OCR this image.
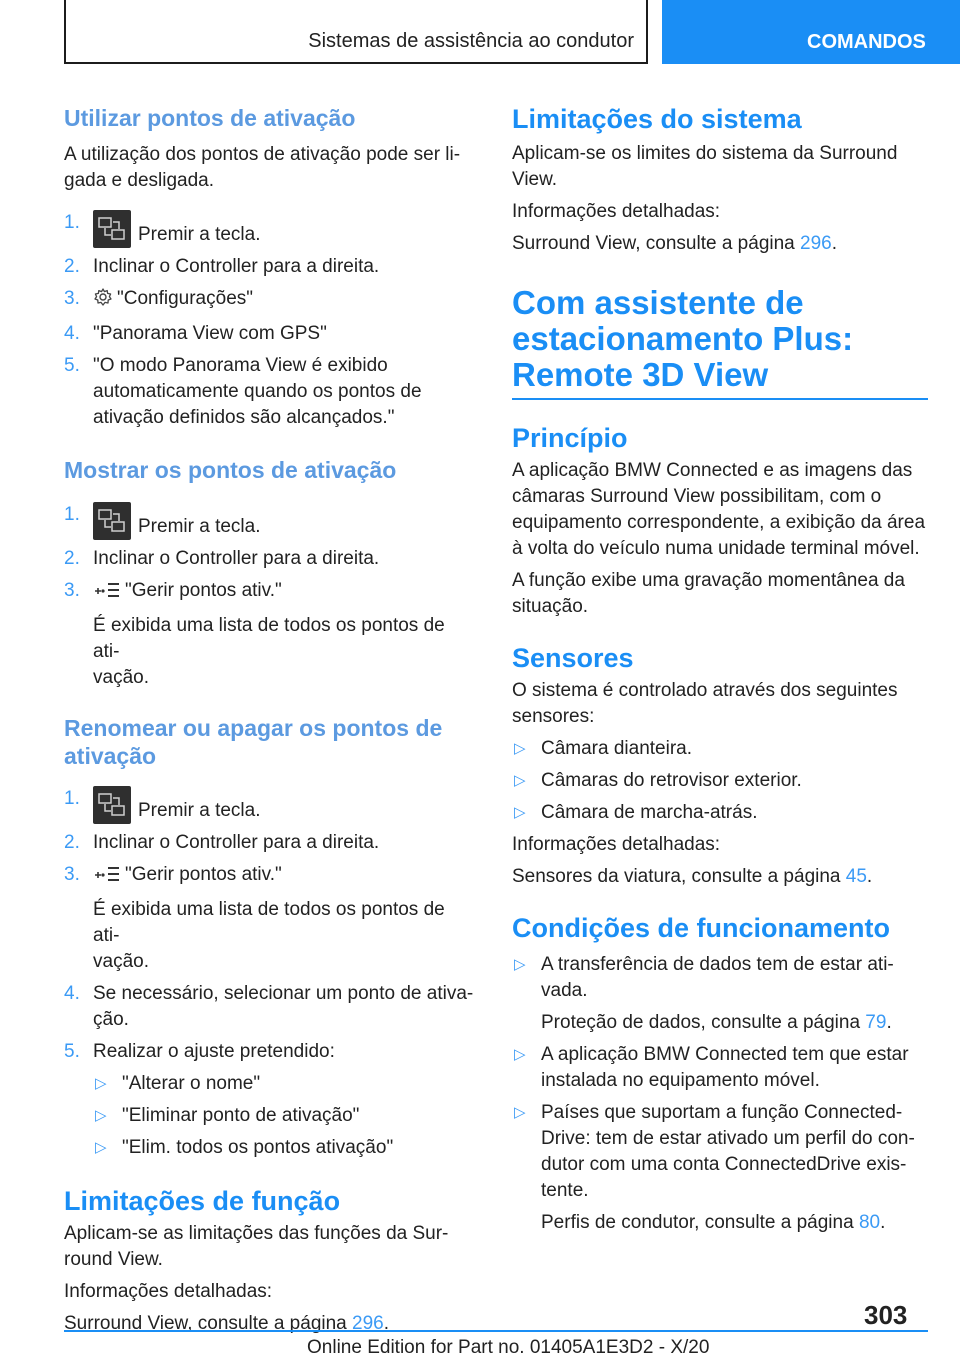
Sistemas de assistência ao condutor	COMANDOS
Utilizar pontos de ativação

A utilização dos pontos de ativação pode ser li-
gada e desligada.

1.
Premir a tecla.
2. Inclinar o Controller para a direita.
3. "Configurações"
4. "Panorama View com GPS"
5. "O modo Panorama View é exibido
automaticamente quando os pontos de
ativação definidos são alcançados."
Mostrar os pontos de ativação
1.
Premir a tecla.
2. Inclinar o Controller para a direita.
3. "Gerir pontos ativ."
É exibida uma lista de todos os pontos de ati-
vação.
Renomear ou apagar os pontos de
ativação
1.
Premir a tecla.
2. Inclinar o Controller para a direita.
3. "Gerir pontos ativ."
É exibida uma lista de todos os pontos de ati-
vação.
4. Se necessário, selecionar um ponto de ativa-
ção.
5. Realizar o ajuste pretendido:
▷ "Alterar o nome"
▷ "Eliminar ponto de ativação"
▷ "Elim. todos os pontos ativação"
Limitações de função

Aplicam-se as limitações das funções da Sur-
round View.

Informações detalhadas:

Surround View, consulte a página 296.

Limitações do sistema

Aplicam-se os limites do sistema da Surround
View.

Informações detalhadas:

Surround View, consulte a página 296.

Com assistente de
estacionamento Plus:
Remote 3D View
Princípio

A aplicação BMW Connected e as imagens das
câmaras Surround View possibilitam, com o
equipamento correspondente, a exibição da área
à volta do veículo numa unidade terminal móvel.

A função exibe uma gravação momentânea da
situação.

Sensores

O sistema é controlado através dos seguintes
sensores:

▷ Câmara dianteira.
▷ Câmaras do retrovisor exterior.
▷ Câmara de marcha-atrás.

Informações detalhadas:

Sensores da viatura, consulte a página 45.

Condições de funcionamento
▷ A transferência de dados tem de estar ati-
vada.
Proteção de dados, consulte a página 79.
▷ A aplicação BMW Connected tem que estar
instalada no equipamento móvel.
▷ Países que suportam a função Connected-
Drive: tem de estar ativado um perfil do con-
dutor com uma conta ConnectedDrive exis-
tente.
Perfis de condutor, consulte a página 80.
303
Online Edition for Part no. 01405A1E3D2 - X/20
